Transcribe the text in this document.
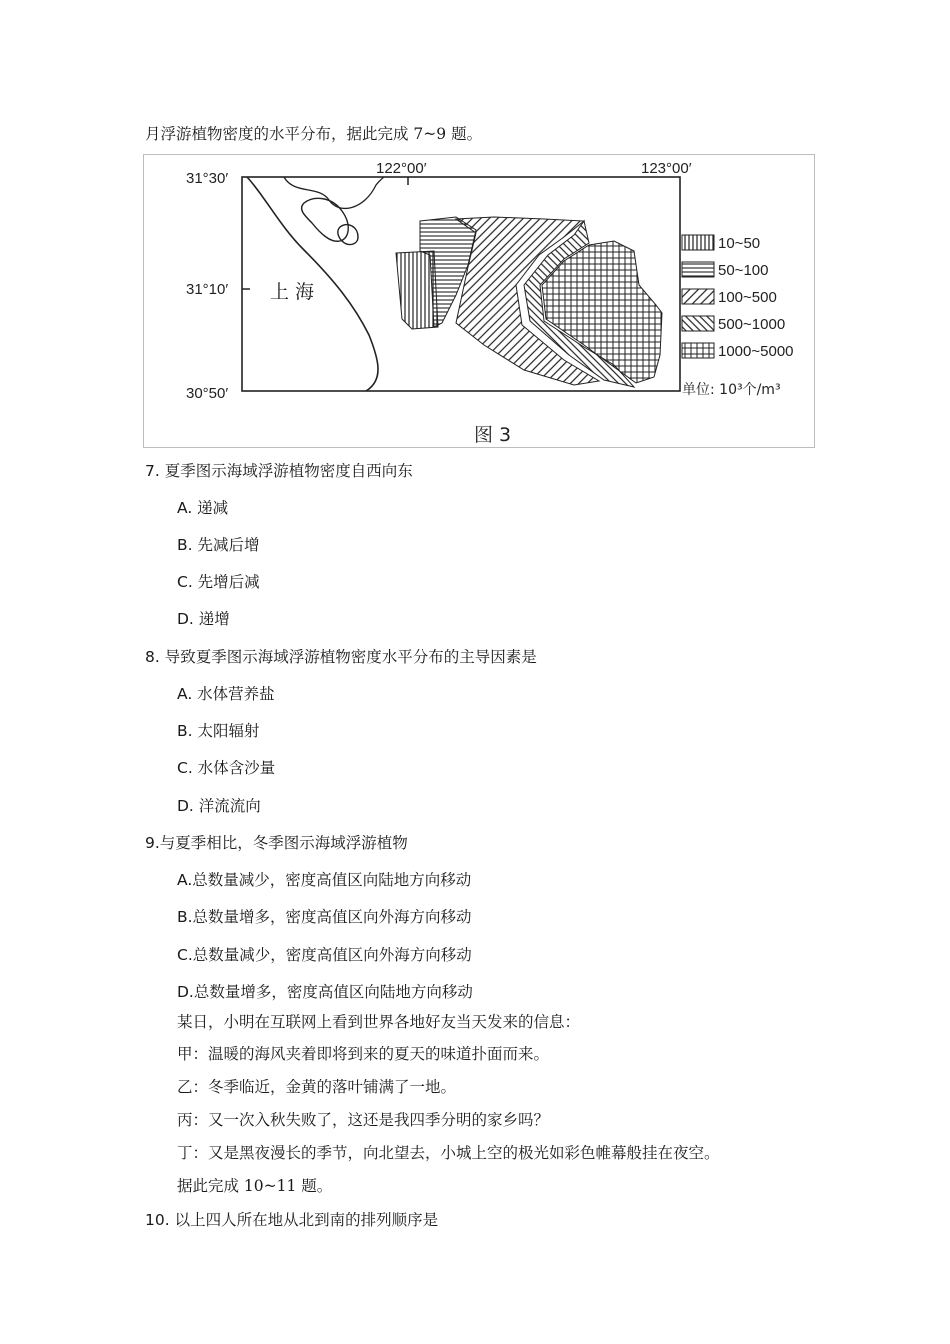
月浮游植物密度的水平分布，据此完成 7~9 题。
31°30′
31°10′
30°50′
122°00′	123°00′
上 海
10~50
50~100
100~500
500~1000
1000~5000
单位: 10³个/m³
图 3
7. 夏季图示海域浮游植物密度自西向东
A. 递减
B. 先减后增
C. 先增后减
D. 递增
8. 导致夏季图示海域浮游植物密度水平分布的主导因素是
A. 水体营养盐
B. 太阳辐射
C. 水体含沙量
D. 洋流流向
9.与夏季相比，冬季图示海域浮游植物
A.总数量减少，密度高值区向陆地方向移动
B.总数量增多，密度高值区向外海方向移动
C.总数量减少，密度高值区向外海方向移动
D.总数量增多，密度高值区向陆地方向移动
某日，小明在互联网上看到世界各地好友当天发来的信息：
甲：温暖的海风夹着即将到来的夏天的味道扑面而来。
乙：冬季临近，金黄的落叶铺满了一地。
丙：又一次入秋失败了，这还是我四季分明的家乡吗？
丁：又是黑夜漫长的季节，向北望去，小城上空的极光如彩色帷幕般挂在夜空。
据此完成 10~11 题。
10. 以上四人所在地从北到南的排列顺序是
